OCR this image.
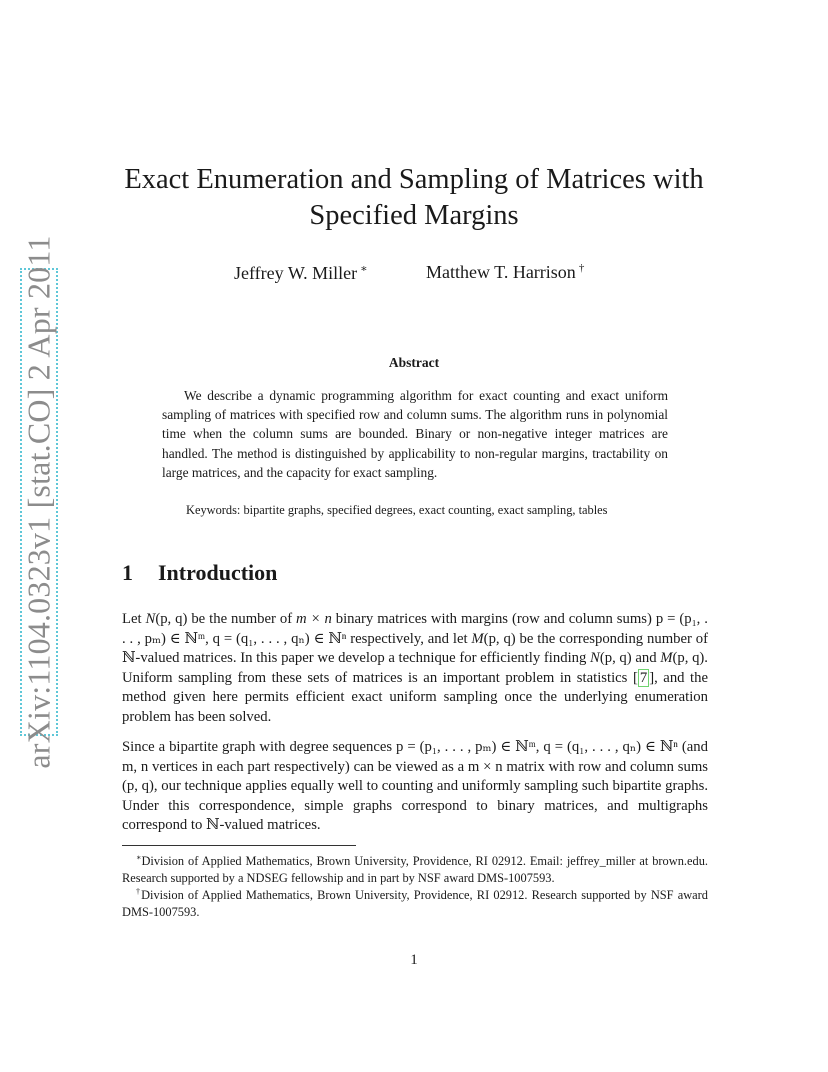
arXiv:1104.0323v1 [stat.CO] 2 Apr 2011
Exact Enumeration and Sampling of Matrices with Specified Margins
Jeffrey W. Miller ∗	Matthew T. Harrison †
Abstract
We describe a dynamic programming algorithm for exact counting and exact uniform sampling of matrices with specified row and column sums. The algorithm runs in polynomial time when the column sums are bounded. Binary or non-negative integer matrices are handled. The method is distinguished by applicability to non-regular margins, tractability on large matrices, and the capacity for exact sampling.
Keywords: bipartite graphs, specified degrees, exact counting, exact sampling, tables
1 Introduction
Let N(p, q) be the number of m × n binary matrices with margins (row and column sums) p = (p₁, . . . , pₘ) ∈ ℕᵐ, q = (q₁, . . . , qₙ) ∈ ℕⁿ respectively, and let M(p, q) be the corresponding number of ℕ-valued matrices. In this paper we develop a technique for efficiently finding N(p, q) and M(p, q). Uniform sampling from these sets of matrices is an important problem in statistics [ 7 ], and the method given here permits efficient exact uniform sampling once the underlying enumeration problem has been solved.
Since a bipartite graph with degree sequences p = (p₁, . . . , pₘ) ∈ ℕᵐ, q = (q₁, . . . , qₙ) ∈ ℕⁿ (and m, n vertices in each part respectively) can be viewed as a m × n matrix with row and column sums (p, q), our technique applies equally well to counting and uniformly sampling such bipartite graphs. Under this correspondence, simple graphs correspond to binary matrices, and multigraphs correspond to ℕ-valued matrices.
∗Division of Applied Mathematics, Brown University, Providence, RI 02912. Email: jeffrey_miller at brown.edu. Research supported by a NDSEG fellowship and in part by NSF award DMS-1007593.
†Division of Applied Mathematics, Brown University, Providence, RI 02912. Research supported by NSF award DMS-1007593.
1
